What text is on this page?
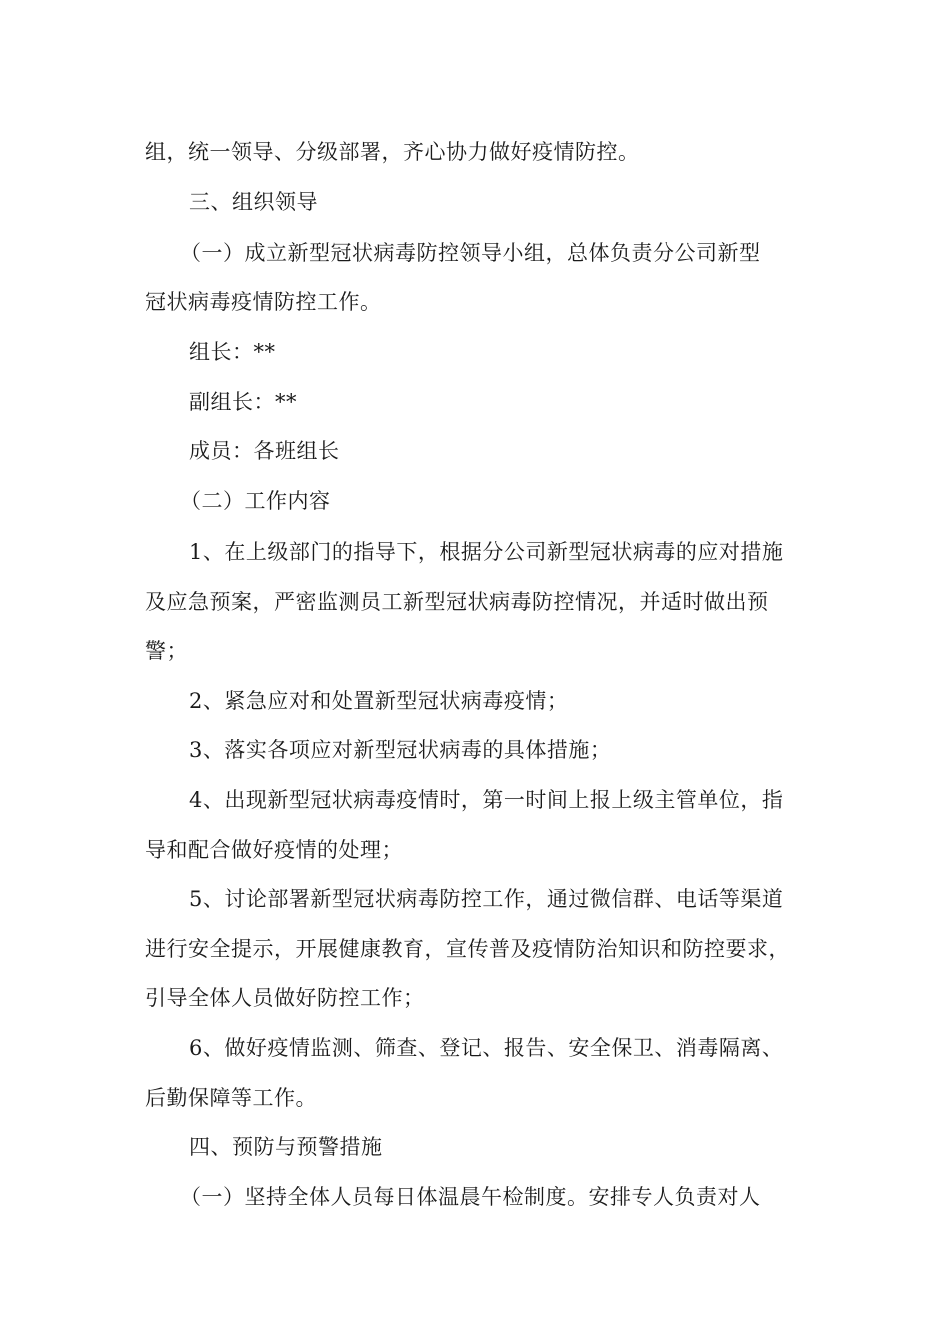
组，统一领导、分级部署，齐心协力做好疫情防控。
三、组织领导
（一）成立新型冠状病毒防控领导小组，总体负责分公司新型
冠状病毒疫情防控工作。
组长：**
副组长：**
成员：各班组长
（二）工作内容
1、在上级部门的指导下，根据分公司新型冠状病毒的应对措施
及应急预案，严密监测员工新型冠状病毒防控情况，并适时做出预
警；
2、紧急应对和处置新型冠状病毒疫情；
3、落实各项应对新型冠状病毒的具体措施；
4、出现新型冠状病毒疫情时，第一时间上报上级主管单位，指
导和配合做好疫情的处理；
5、讨论部署新型冠状病毒防控工作，通过微信群、电话等渠道
进行安全提示，开展健康教育，宣传普及疫情防治知识和防控要求，
引导全体人员做好防控工作；
6、做好疫情监测、筛查、登记、报告、安全保卫、消毒隔离、
后勤保障等工作。
四、预防与预警措施
（一）坚持全体人员每日体温晨午检制度。安排专人负责对人
